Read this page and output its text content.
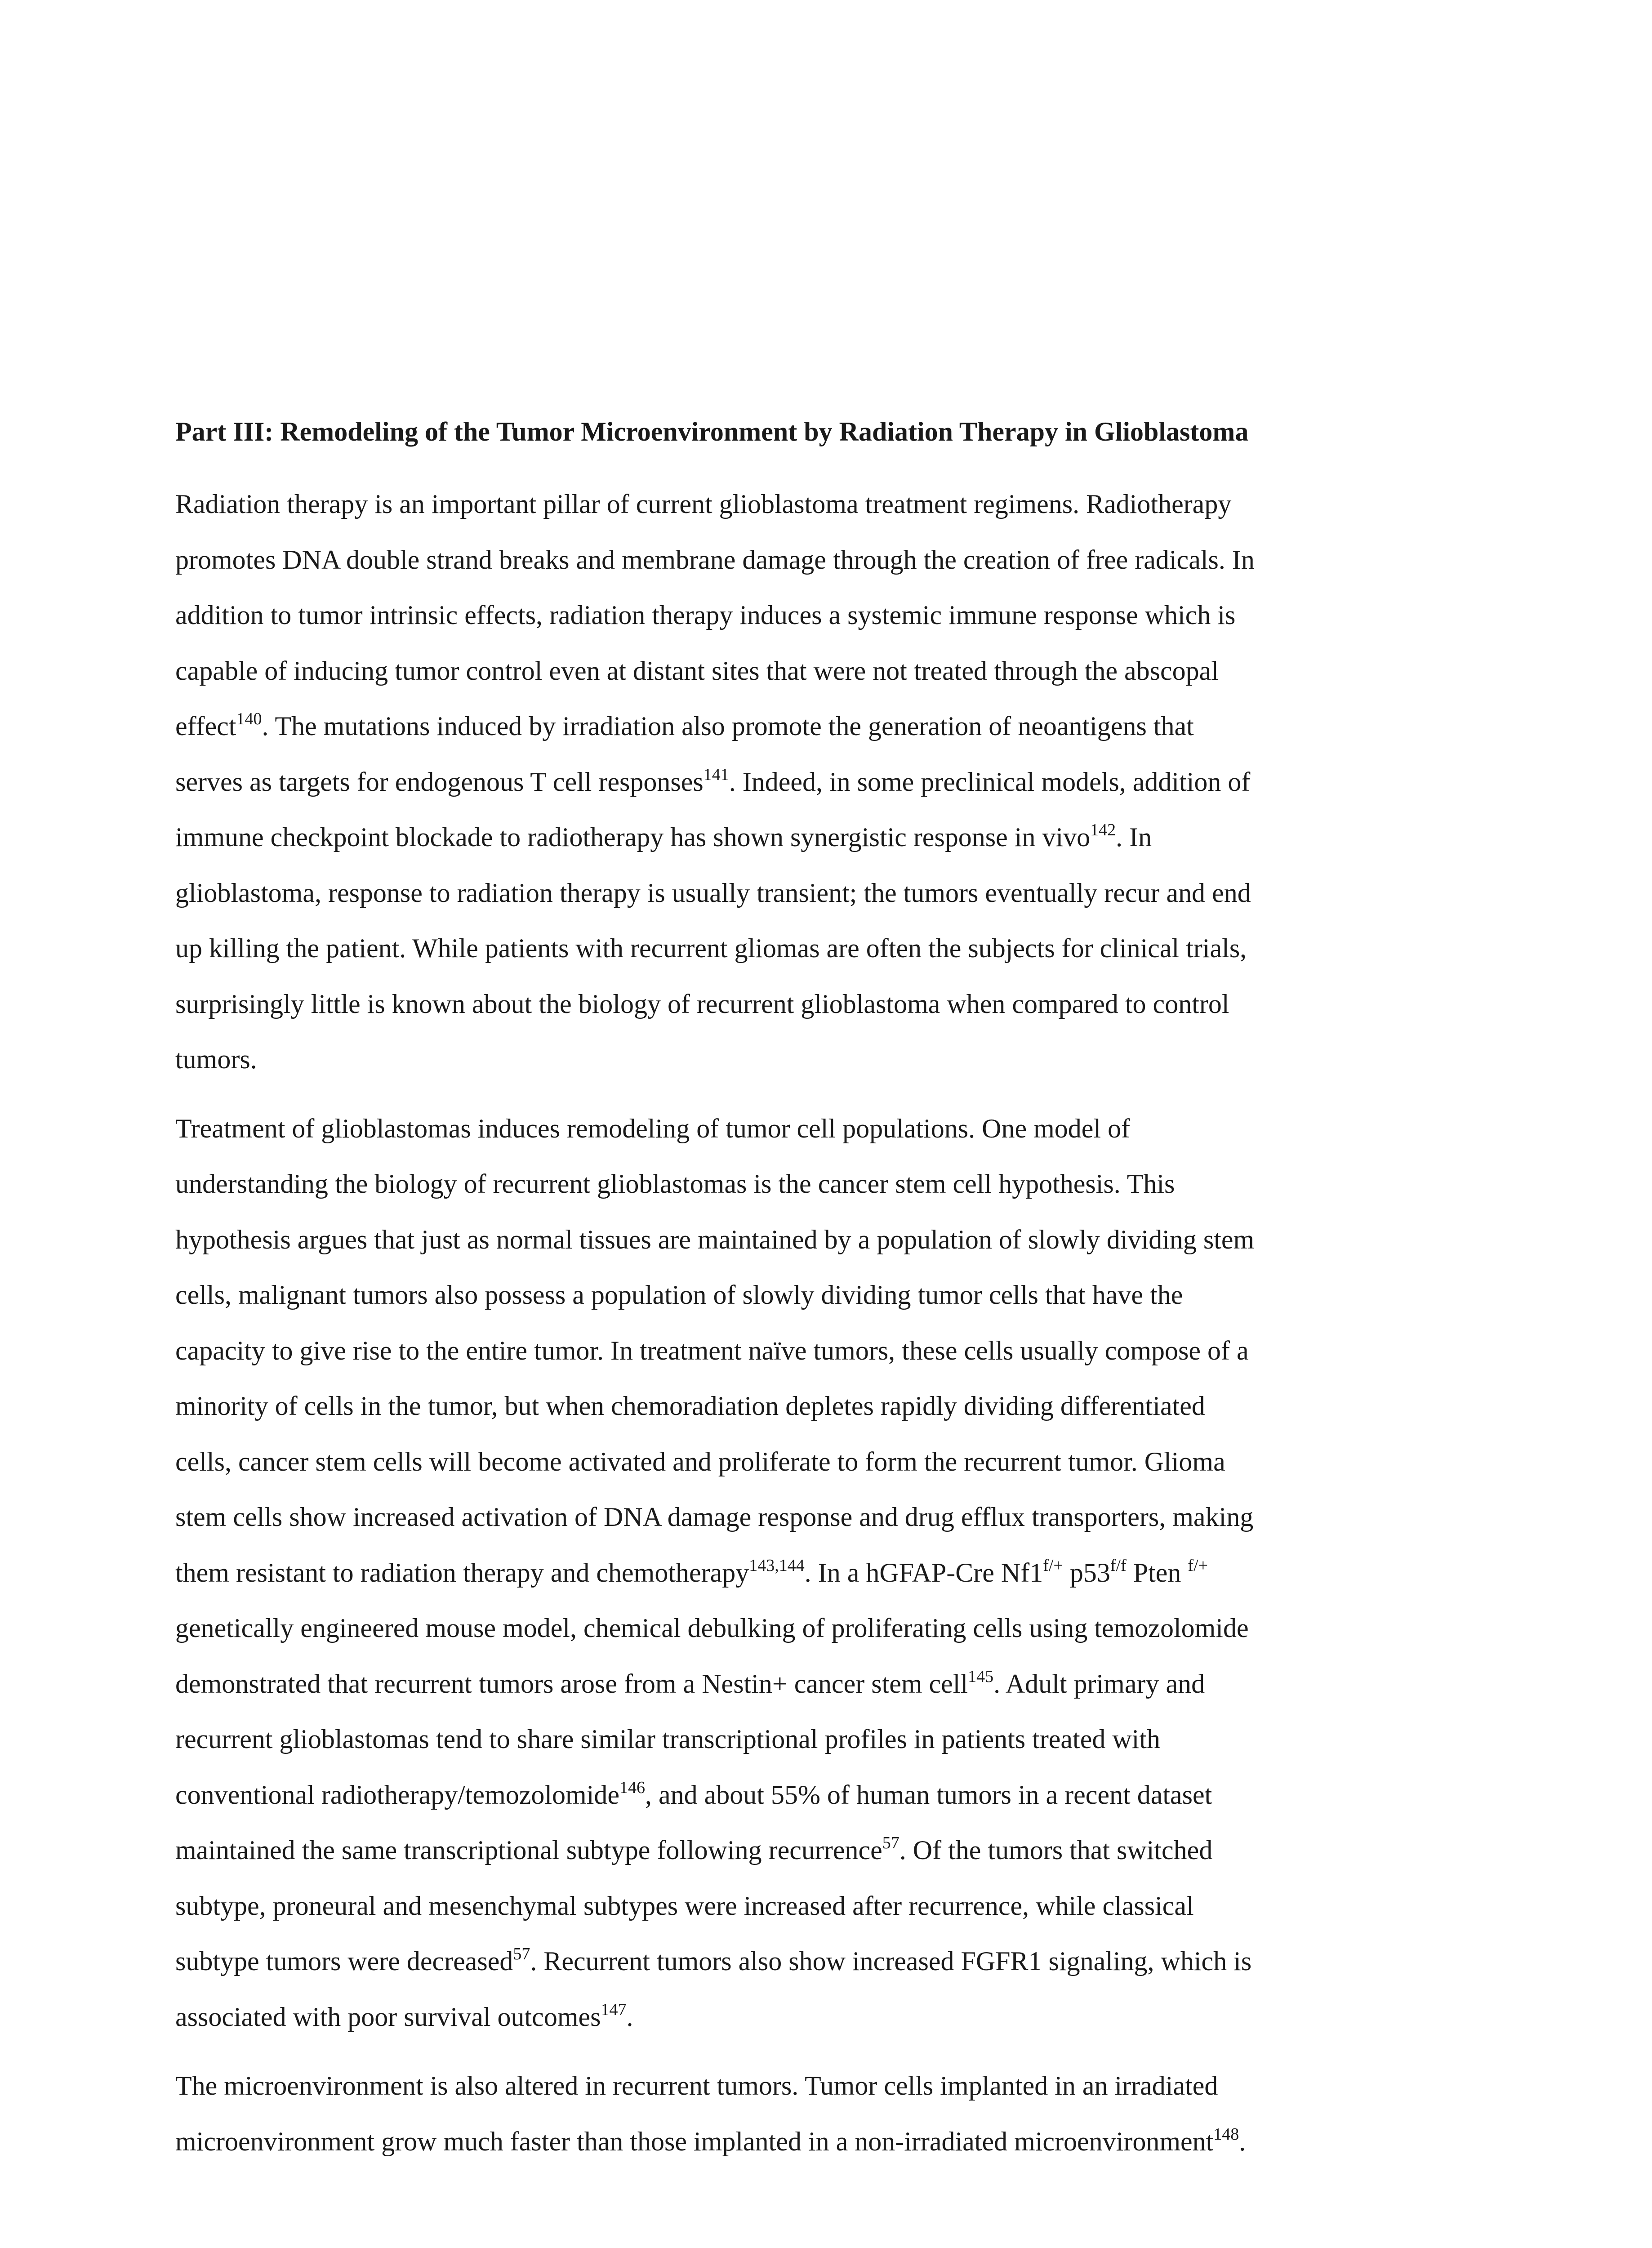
Part III: Remodeling of the Tumor Microenvironment by Radiation Therapy in Glioblastoma
Radiation therapy is an important pillar of current glioblastoma treatment regimens. Radiotherapy
promotes DNA double strand breaks and membrane damage through the creation of free radicals. In
addition to tumor intrinsic effects, radiation therapy induces a systemic immune response which is
capable of inducing tumor control even at distant sites that were not treated through the abscopal
effect$^{140}$. The mutations induced by irradiation also promote the generation of neoantigens that
serves as targets for endogenous T cell responses$^{141}$. Indeed, in some preclinical models, addition of
immune checkpoint blockade to radiotherapy has shown synergistic response in vivo$^{142}$. In
glioblastoma, response to radiation therapy is usually transient; the tumors eventually recur and end
up killing the patient. While patients with recurrent gliomas are often the subjects for clinical trials,
surprisingly little is known about the biology of recurrent glioblastoma when compared to control
tumors.
Treatment of glioblastomas induces remodeling of tumor cell populations. One model of
understanding the biology of recurrent glioblastomas is the cancer stem cell hypothesis. This
hypothesis argues that just as normal tissues are maintained by a population of slowly dividing stem
cells, malignant tumors also possess a population of slowly dividing tumor cells that have the
capacity to give rise to the entire tumor. In treatment naïve tumors, these cells usually compose of a
minority of cells in the tumor, but when chemoradiation depletes rapidly dividing differentiated
cells, cancer stem cells will become activated and proliferate to form the recurrent tumor. Glioma
stem cells show increased activation of DNA damage response and drug efflux transporters, making
them resistant to radiation therapy and chemotherapy$^{143,144}$. In a hGFAP-Cre $Nf1^{f/+}$ $p53^{f/f}$ Pten $^{f/+}$
genetically engineered mouse model, chemical debulking of proliferating cells using temozolomide
demonstrated that recurrent tumors arose from a Nestin+ cancer stem cell$^{145}$. Adult primary and
recurrent glioblastomas tend to share similar transcriptional profiles in patients treated with
conventional radiotherapy/temozolomide$^{146}$, and about 55% of human tumors in a recent dataset
maintained the same transcriptional subtype following recurrence$^{57}$. Of the tumors that switched
subtype, proneural and mesenchymal subtypes were increased after recurrence, while classical
subtype tumors were decreased$^{57}$. Recurrent tumors also show increased FGFR1 signaling, which is
associated with poor survival outcomes$^{147}$.
The microenvironment is also altered in recurrent tumors. Tumor cells implanted in an irradiated
microenvironment grow much faster than those implanted in a non-irradiated microenvironment$^{148}$.
